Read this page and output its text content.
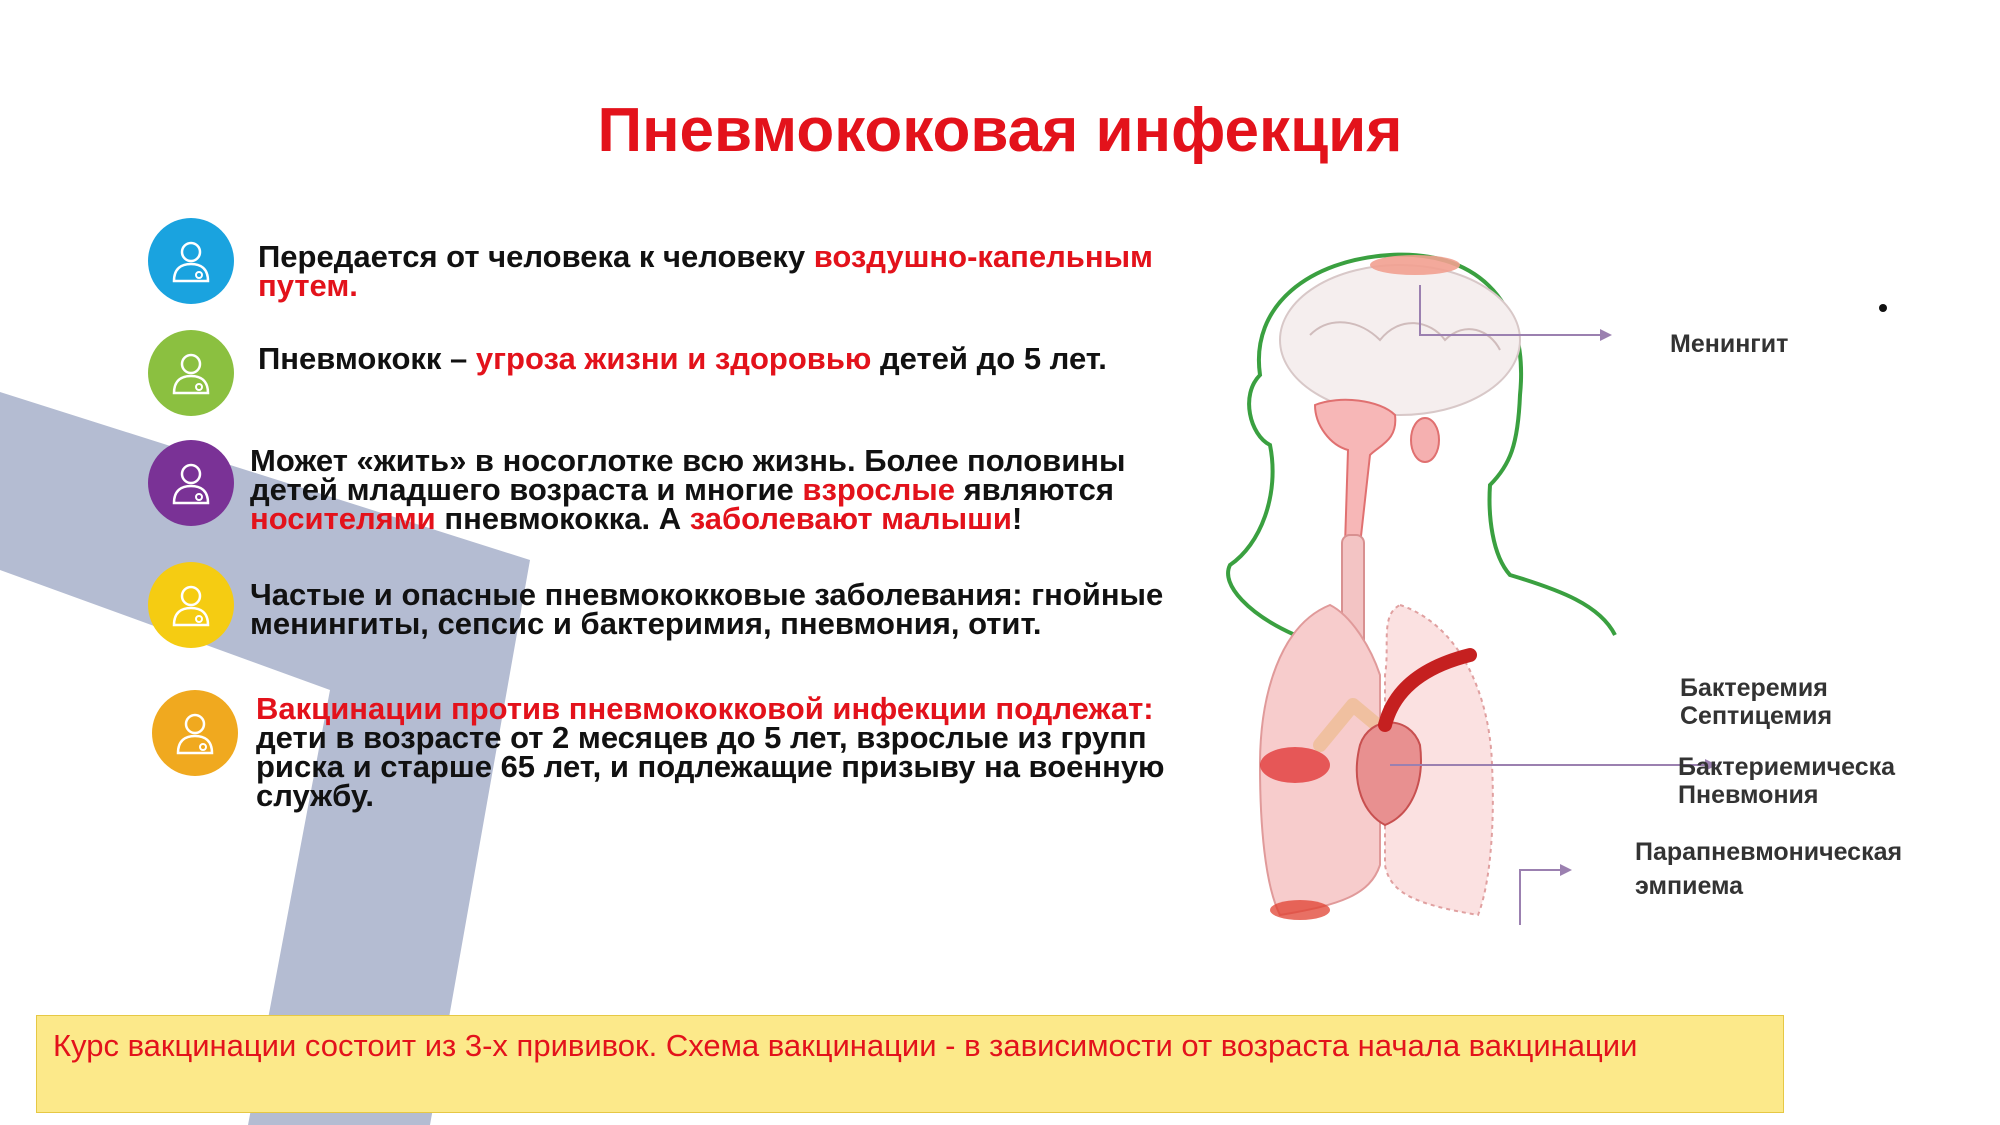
Пневмококовая инфекция
Передается от человека к человеку воздушно-капельным путем.
Пневмококк – угроза жизни и здоровью детей до 5 лет.
Может «жить» в носоглотке всю жизнь. Более половины детей младшего возраста и многие взрослые являются носителями пневмококка. А заболевают малыши!
Частые и опасные пневмококковые заболевания: гнойные менингиты, сепсис и бактеримия, пневмония, отит.
Вакцинации против пневмококковой инфекции подлежат: дети в возрасте от 2 месяцев до 5 лет, взрослые из групп риска и старше 65 лет, и подлежащие призыву на военную службу.
Менингит
Бактеремия
Септицемия
Бактериемическа
Пневмония
Парапневмоническая
эмпиема
Курс вакцинации состоит из 3-х прививок. Схема вакцинации - в зависимости от возраста начала вакцинации
